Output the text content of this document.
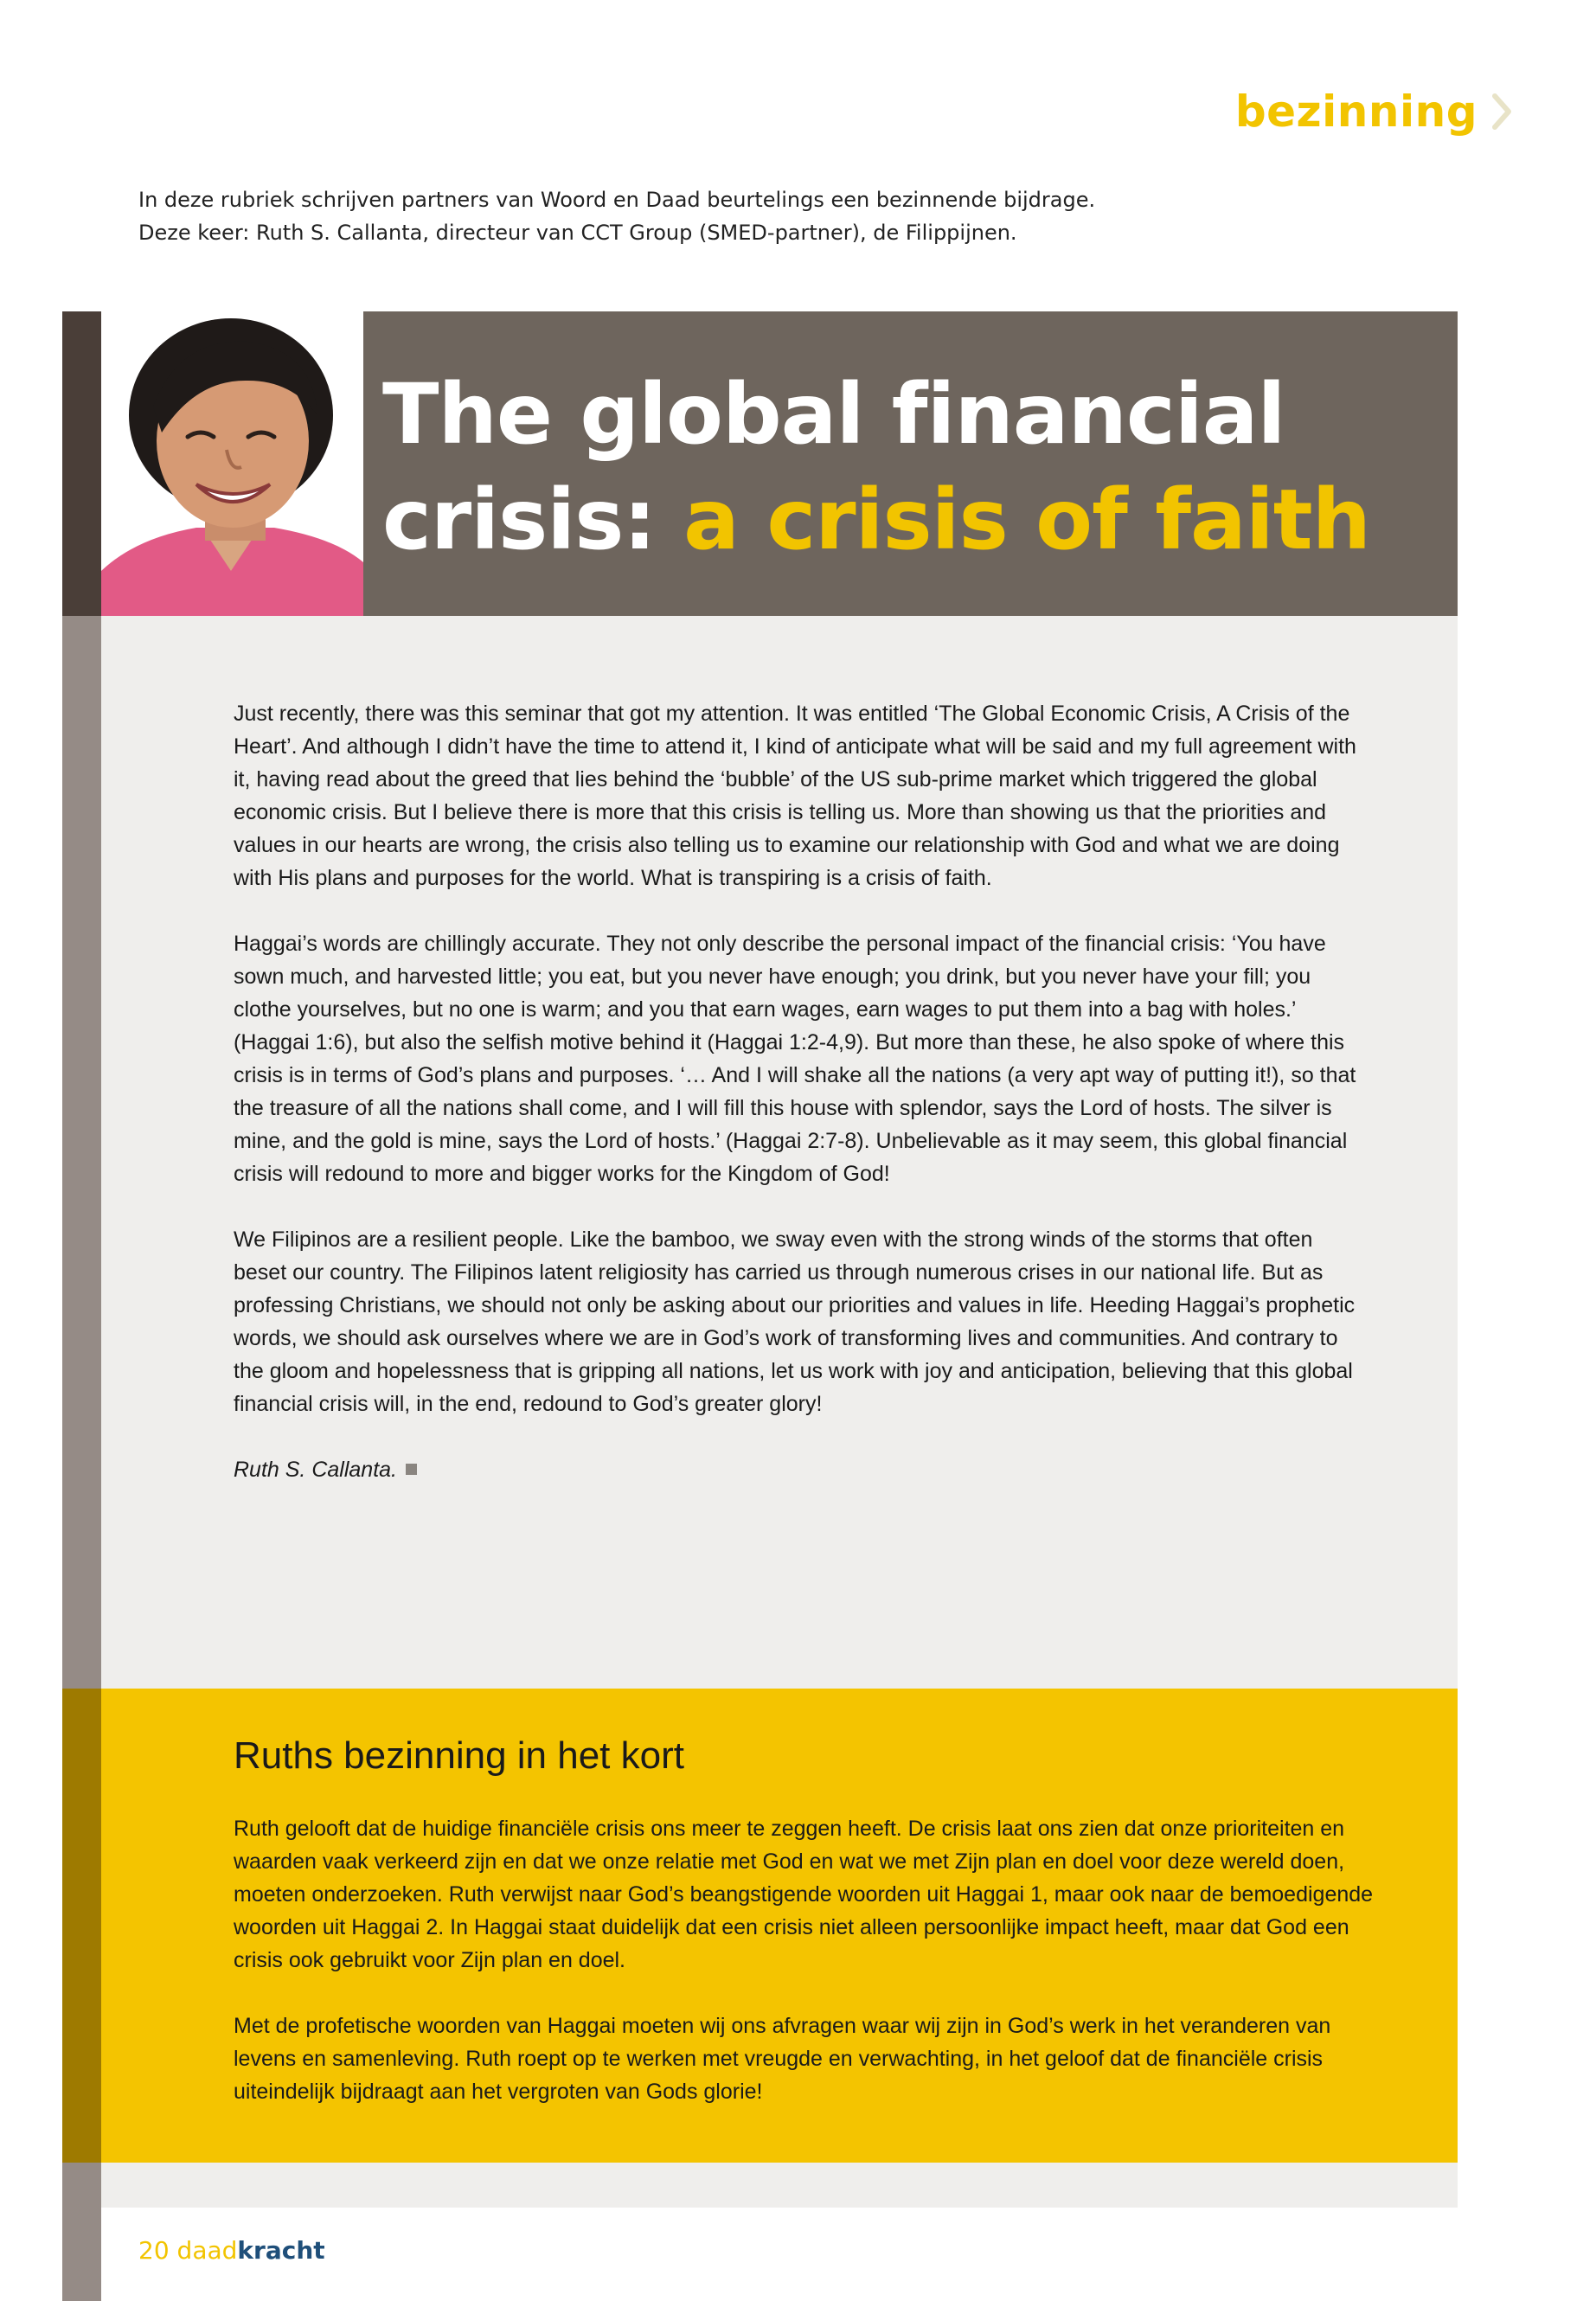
bezinning
In deze rubriek schrijven partners van Woord en Daad beurtelings een bezinnende bijdrage.
Deze keer: Ruth S. Callanta, directeur van CCT Group (SMED-partner), de Filippijnen.
The global financial
crisis: a crisis of faith

Just recently, there was this seminar that got my attention. It was entitled ‘The Global Economic Crisis, A Crisis of the Heart’. And although I didn’t have the time to attend it, I kind of anticipate what will be said and my full agreement with it, having read about the greed that lies behind the ‘bubble’ of the US sub-prime market which triggered the global economic crisis. But I believe there is more that this crisis is telling us. More than showing us that the priorities and values in our hearts are wrong, the crisis also telling us to examine our relationship with God and what we are doing with His plans and purposes for the world. What is transpiring is a crisis of faith.

Haggai’s words are chillingly accurate. They not only describe the personal impact of the financial crisis: ‘You have sown much, and harvested little; you eat, but you never have enough; you drink, but you never have your fill; you clothe yourselves, but no one is warm; and you that earn wages, earn wages to put them into a bag with holes.’ (Haggai 1:6), but also the selfish motive behind it (Haggai 1:2-4,9). But more than these, he also spoke of where this crisis is in terms of God’s plans and purposes. ‘… And I will shake all the nations (a very apt way of putting it!), so that the treasure of all the nations shall come, and I will fill this house with splendor, says the Lord of hosts. The silver is mine, and the gold is mine, says the Lord of hosts.’ (Haggai 2:7-8). Unbelievable as it may seem, this global financial crisis will redound to more and bigger works for the Kingdom of God!

We Filipinos are a resilient people. Like the bamboo, we sway even with the strong winds of the storms that often beset our country. The Filipinos latent religiosity has carried us through numerous crises in our national life. But as professing Christians, we should not only be asking about our priorities and values in life. Heeding Haggai’s prophetic words, we should ask ourselves where we are in God’s work of transforming lives and communities. And contrary to the gloom and hopelessness that is gripping all nations, let us work with joy and anticipation, believing that this global financial crisis will, in the end, redound to God’s greater glory!

Ruth S. Callanta.

Ruths bezinning in het kort

Ruth gelooft dat de huidige financiële crisis ons meer te zeggen heeft. De crisis laat ons zien dat onze prioriteiten en waarden vaak verkeerd zijn en dat we onze relatie met God en wat we met Zijn plan en doel voor deze wereld doen, moeten onderzoeken. Ruth verwijst naar God’s beangstigende woorden uit Haggai 1, maar ook naar de bemoedigende woorden uit Haggai 2. In Haggai staat duidelijk dat een crisis niet alleen persoonlijke impact heeft, maar dat God een crisis ook gebruikt voor Zijn plan en doel.

Met de profetische woorden van Haggai moeten wij ons afvragen waar wij zijn in God’s werk in het veranderen van levens en samenleving. Ruth roept op te werken met vreugde en verwachting, in het geloof dat de financiële crisis uiteindelijk bijdraagt aan het vergroten van Gods glorie!

20 daadkracht
